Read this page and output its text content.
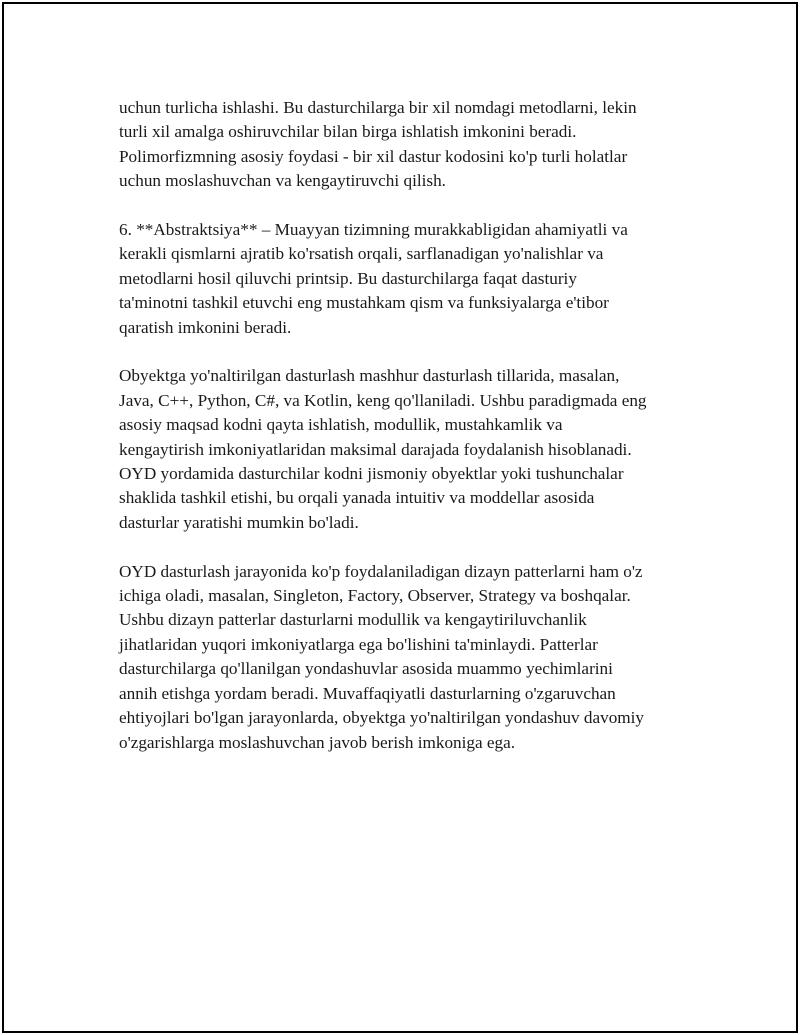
uchun turlicha ishlashi. Bu dasturchilarga bir xil nomdagi metodlarni, lekin
turli xil amalga oshiruvchilar bilan birga ishlatish imkonini beradi.
Polimorfizmning asosiy foydasi - bir xil dastur kodosini ko'p turli holatlar
uchun moslashuvchan va kengaytiruvchi qilish.

6. **Abstraktsiya** – Muayyan tizimning murakkabligidan ahamiyatli va
kerakli qismlarni ajratib ko'rsatish orqali, sarflanadigan yo'nalishlar va
metodlarni hosil qiluvchi printsip. Bu dasturchilarga faqat dasturiy
ta'minotni tashkil etuvchi eng mustahkam qism va funksiyalarga e'tibor
qaratish imkonini beradi.

Obyektga yo'naltirilgan dasturlash mashhur dasturlash tillarida, masalan,
Java, C++, Python, C#, va Kotlin, keng qo'llaniladi. Ushbu paradigmada eng
asosiy maqsad kodni qayta ishlatish, modullik, mustahkamlik va
kengaytirish imkoniyatlaridan maksimal darajada foydalanish hisoblanadi.
OYD yordamida dasturchilar kodni jismoniy obyektlar yoki tushunchalar
shaklida tashkil etishi, bu orqali yanada intuitiv va moddellar asosida
dasturlar yaratishi mumkin bo'ladi.

OYD dasturlash jarayonida ko'p foydalaniladigan dizayn patterlarni ham o'z
ichiga oladi, masalan, Singleton, Factory, Observer, Strategy va boshqalar.
Ushbu dizayn patterlar dasturlarni modullik va kengaytiriluvchanlik
jihatlaridan yuqori imkoniyatlarga ega bo'lishini ta'minlaydi. Patterlar
dasturchilarga qo'llanilgan yondashuvlar asosida muammo yechimlarini
annih etishga yordam beradi. Muvaffaqiyatli dasturlarning o'zgaruvchan
ehtiyojlari bo'lgan jarayonlarda, obyektga yo'naltirilgan yondashuv davomiy
o'zgarishlarga moslashuvchan javob berish imkoniga ega.
